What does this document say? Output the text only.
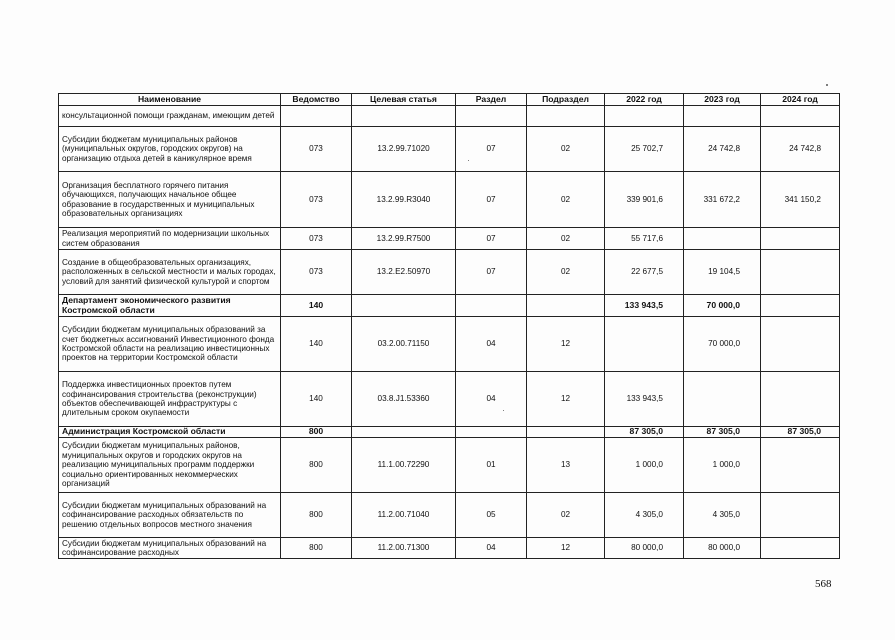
Наименование	Ведомство	Целевая статья	Раздел	Подраздел	2022 год	2023 год	2024 год
консультационной помощи гражданам, имеющим детей							
Субсидии бюджетам муниципальных районов (муниципальных округов, городских округов) на организацию отдыха детей в каникулярное время	073	13.2.99.71020	07	02	25 702,7	24 742,8	24 742,8
Организация бесплатного горячего питания обучающихся, получающих начальное общее образование в государственных и муниципальных образовательных организациях	073	13.2.99.R3040	07	02	339 901,6	331 672,2	341 150,2
Реализация мероприятий по модернизации школьных систем образования	073	13.2.99.R7500	07	02	55 717,6		
Создание в общеобразовательных организациях, расположенных в сельской местности и малых городах, условий для занятий физической культурой и спортом	073	13.2.E2.50970	07	02	22 677,5	19 104,5	
Департамент экономического развития Костромской области	140				133 943,5	70 000,0	
Субсидии бюджетам муниципальных образований за счет бюджетных ассигнований Инвестиционного фонда Костромской области на реализацию инвестиционных проектов на территории Костромской области	140	03.2.00.71150	04	12		70 000,0	
Поддержка инвестиционных проектов путем софинансирования строительства (реконструкции) объектов обеспечивающей инфраструктуры с длительным сроком окупаемости	140	03.8.J1.53360	04	12	133 943,5		
Администрация Костромской области	800				87 305,0	87 305,0	87 305,0
Субсидии бюджетам муниципальных районов, муниципальных округов и городских округов на реализацию муниципальных программ поддержки социально ориентированных некоммерческих организаций	800	11.1.00.72290	01	13	1 000,0	1 000,0	
Субсидии бюджетам муниципальных образований на софинансирование расходных обязательств по решению отдельных вопросов местного значения	800	11.2.00.71040	05	02	4 305,0	4 305,0	
Субсидии бюджетам муниципальных образований на софинансирование расходных	800	11.2.00.71300	04	12	80 000,0	80 000,0	
568
